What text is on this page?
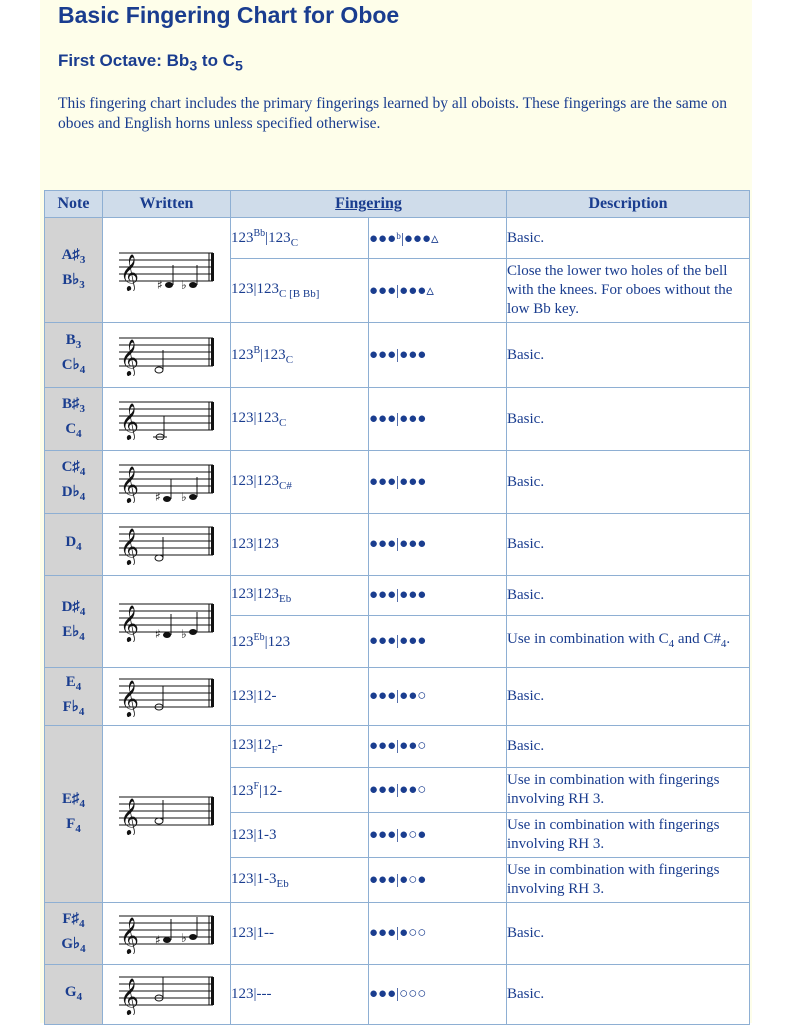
Basic Fingering Chart for Oboe
First Octave: $Bb_3$ to $C_5$
This fingering chart includes the primary fingerings learned by all oboists. These fingerings are the same on oboes and English horns unless specified otherwise.
Note	Written	Fingering		Description
$A♯_3$
$B♭_3$	𝄞 ♯ ♭	$123^{Bb}|123_C$	●●●ᵇ|●●●▵	Basic.
		$123|123_{C [B Bb]}$	●●●|●●●▵	Close the lower two holes of the bell with the knees. For oboes without the low Bb key.
$B_3$
$C♭_4$	𝄞	$123^B|123_C$	●●●|●●●	Basic.
$B♯_3$
$C_4$	𝄞	$123|123_C$	●●●|●●●	Basic.
$C♯_4$
$D♭_4$	𝄞 ♯ ♭	$123|123_{C\#}$	●●●|●●●	Basic.
$D_4$	𝄞	123|123	●●●|●●●	Basic.
$D♯_4$
$E♭_4$	𝄞 ♯ ♭	$123|123_{Eb}$	●●●|●●●	Basic.
		$123^{Eb}|123$	●●●|●●●	Use in combination with $C_4$ and $C\#_4$.
$E_4$
$F♭_4$	𝄞	123|12-	●●●|●●○	Basic.
$E♯_4$
$F_4$	𝄞	$123|12_F-$	●●●|●●○	Basic.
		$123^F|12-$	●●●|●●○	Use in combination with fingerings involving RH 3.
		123|1-3	●●●|●○●	Use in combination with fingerings involving RH 3.
		$123|1-3_{Eb}$	●●●|●○●	Use in combination with fingerings involving RH 3.
$F♯_4$
$G♭_4$	𝄞 ♯ ♭	123|1--	●●●|●○○	Basic.
$G_4$	𝄞	123|---	●●●|○○○	Basic.
